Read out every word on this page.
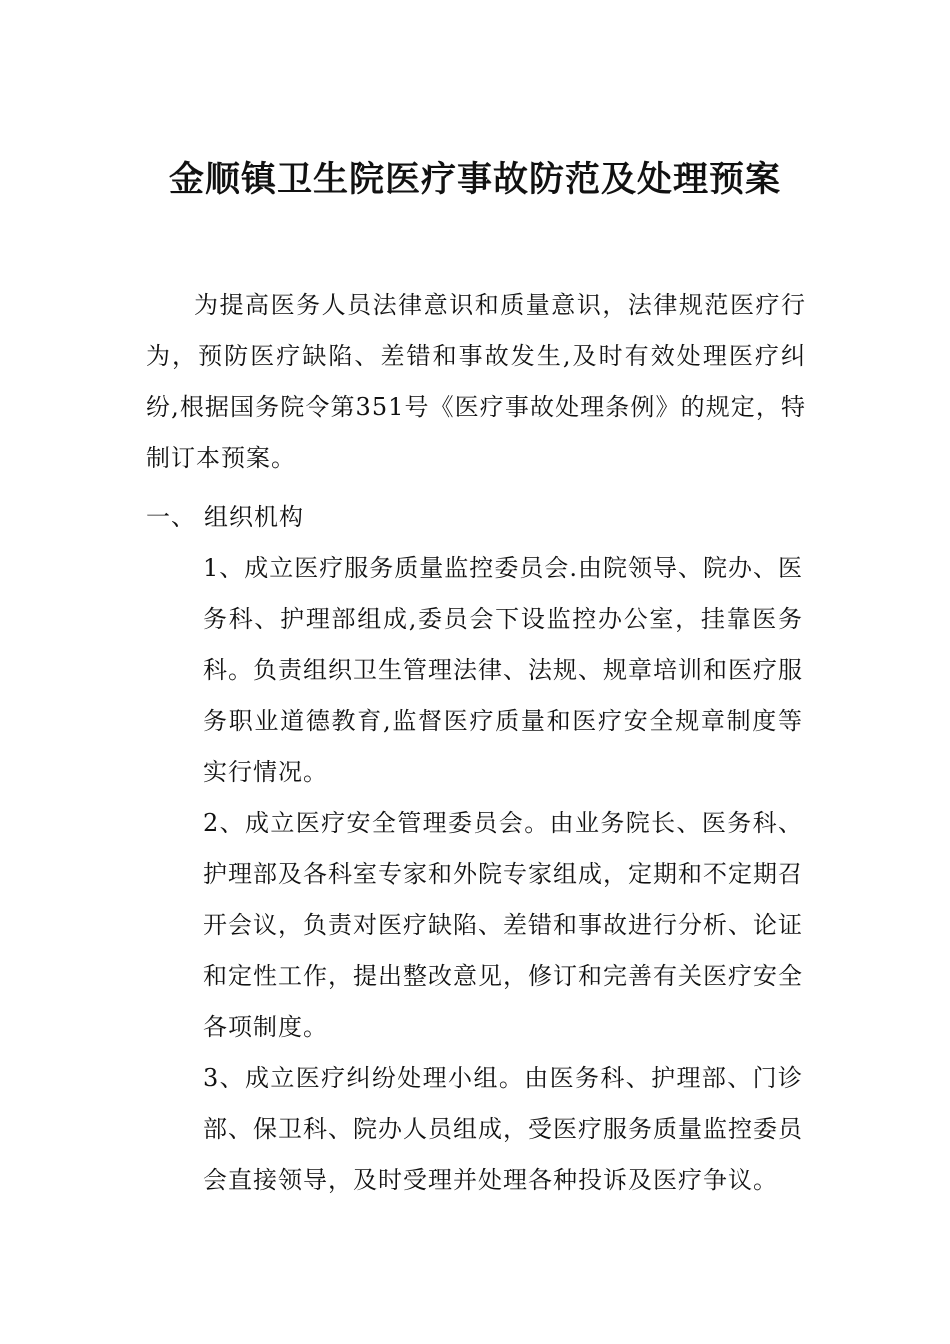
金顺镇卫生院医疗事故防范及处理预案

为提高医务人员法律意识和质量意识，法律规范医疗行为，预防医疗缺陷、差错和事故发生,及时有效处理医疗纠纷,根据国务院令第351号《医疗事故处理条例》的规定，特制订本预案。

一、 组织机构

1、成立医疗服务质量监控委员会.由院领导、院办、医务科、护理部组成,委员会下设监控办公室，挂靠医务科。负责组织卫生管理法律、法规、规章培训和医疗服务职业道德教育,监督医疗质量和医疗安全规章制度等实行情况。

2、成立医疗安全管理委员会。由业务院长、医务科、护理部及各科室专家和外院专家组成，定期和不定期召开会议，负责对医疗缺陷、差错和事故进行分析、论证和定性工作，提出整改意见，修订和完善有关医疗安全各项制度。

3、成立医疗纠纷处理小组。由医务科、护理部、门诊部、保卫科、院办人员组成，受医疗服务质量监控委员会直接领导，及时受理并处理各种投诉及医疗争议。
